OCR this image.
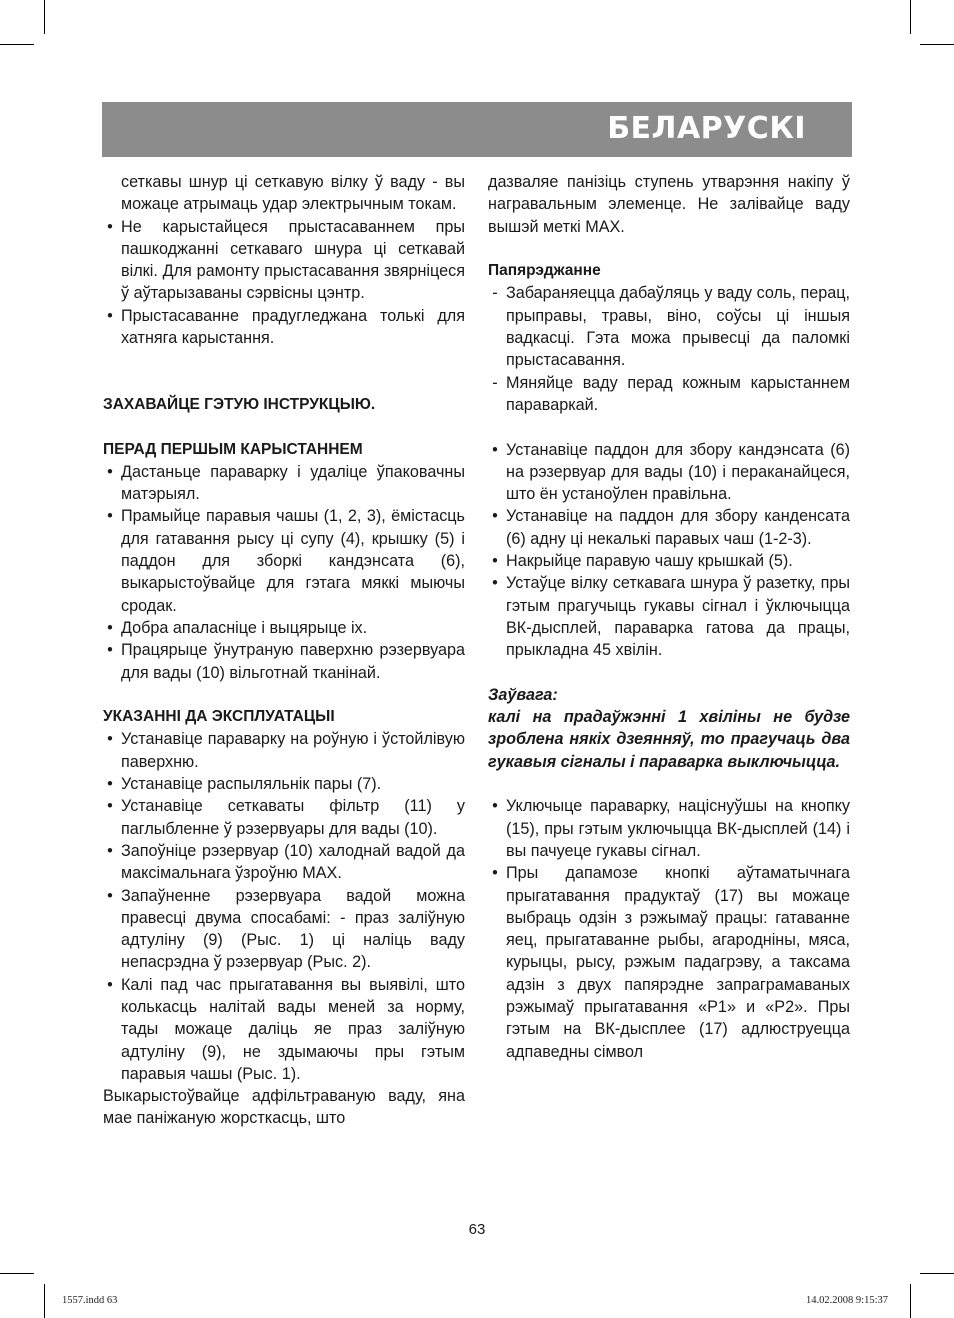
БЕЛАРУСКІ

сеткавы шнур ці сеткавую вілку ў ваду - вы можаце атрымаць удар электрычным токам.

• Не карыстайцеся прыстасаваннем пры пашкоджанні сеткаваго шнура ці сеткавай вілкі. Для рамонту прыстасавання звярніцеся ў аўтарызаваны сэрвісны цэнтр.
• Прыстасаванне прадугледжана толькі для хатняга карыстання.

ЗАХАВАЙЦЕ ГЭТУЮ ІНСТРУКЦЫЮ.

ПЕРАД ПЕРШЫМ КАРЫСТАННЕМ

• Дастаньце параварку і удаліце ўпаковачны матэрыял.
• Прамыйце паравыя чашы (1, 2, 3), ёмістасць для гатавання рысу ці супу (4), крышку (5) і паддон для зборкі кандэнсата (6), выкарыстоўвайце для гэтага мяккі мыючы сродак.
• Добра апаласніце і выцярыце іх.
• Працярыце ўнутраную паверхню рэзервуара для вады (10) вільготнай тканінай.

УКАЗАННІ ДА ЭКСПЛУАТАЦЫІ

• Устанавіце параварку на роўную і ўстойлівую паверхню.
• Устанавіце распыляльнік пары (7).
• Устанавіце сеткаваты фільтр (11) у паглыбленне ў рэзервуары для вады (10).
• Запоўніце рэзервуар (10) халоднай вадой да максімальнага ўзроўню MAX.
• Запаўненне рэзервуара вадой можна правесці двума спосабамі: - праз заліўную адтуліну (9) (Рыс. 1) ці наліць ваду непасрэдна ў рэзервуар (Рыс. 2).
• Калі пад час прыгатавання вы выявілі, што колькасць налітай вады меней за норму, тады можаце даліць яе праз заліўную адтуліну (9), не здымаючы пры гэтым паравыя чашы (Рыс. 1).

Выкарыстоўвайце адфільтраваную ваду, яна мае паніжаную жорсткасць, што

дазваляе панізіць ступень утварэння накіпу ў награвальным элеменце. Не залівайце ваду вышэй меткі MAX.

Папярэджанне

- Забараняецца дабаўляць у ваду соль, перац, прыправы, травы, віно, соўсы ці іншыя вадкасці. Гэта можа прывесці да паломкі прыстасавання.
- Мяняйце ваду перад кожным карыстаннем параваркай.
• Устанавіце паддон для збору кандэнсата (6) на рэзервуар для вады (10) і пераканайцеся, што ён устаноўлен правільна.
• Устанавіце на паддон для збору канденсата (6) адну ці некалькі паравых чаш (1-2-3).
• Накрыйце паравую чашу крышкай (5).
• Устаўце вілку сеткавага шнура ў разетку, пры гэтым прагучыць гукавы сігнал і ўключыцца ВК-дысплей, параварка гатова да працы, прыкладна 45 хвілін.

Заўвага:

калі на прадаўжэнні 1 хвіліны не будзе зроблена някіх дзеянняў, то прагучаць два гукавыя сігналы і параварка выключыцца.

• Уключыце параварку, націснуўшы на кнопку (15), пры гэтым уключыцца ВК-дысплей (14) і вы пачуеце гукавы сігнал.
• Пры дапамозе кнопкі аўтаматычнага прыгатавання прадуктаў (17) вы можаце выбраць одзін з рэжымаў працы: гатаванне яец, прыгатаванне рыбы, агародніны, мяса, курыцы, рысу, рэжым падагрэву, а таксама адзін з двух папярэдне запраграмаваных рэжымаў прыгатавання «P1» и «P2». Пры гэтым на ВК-дысплее (17) адлюструецца адпаведны сімвол
63
1557.indd 63	14.02.2008 9:15:37
